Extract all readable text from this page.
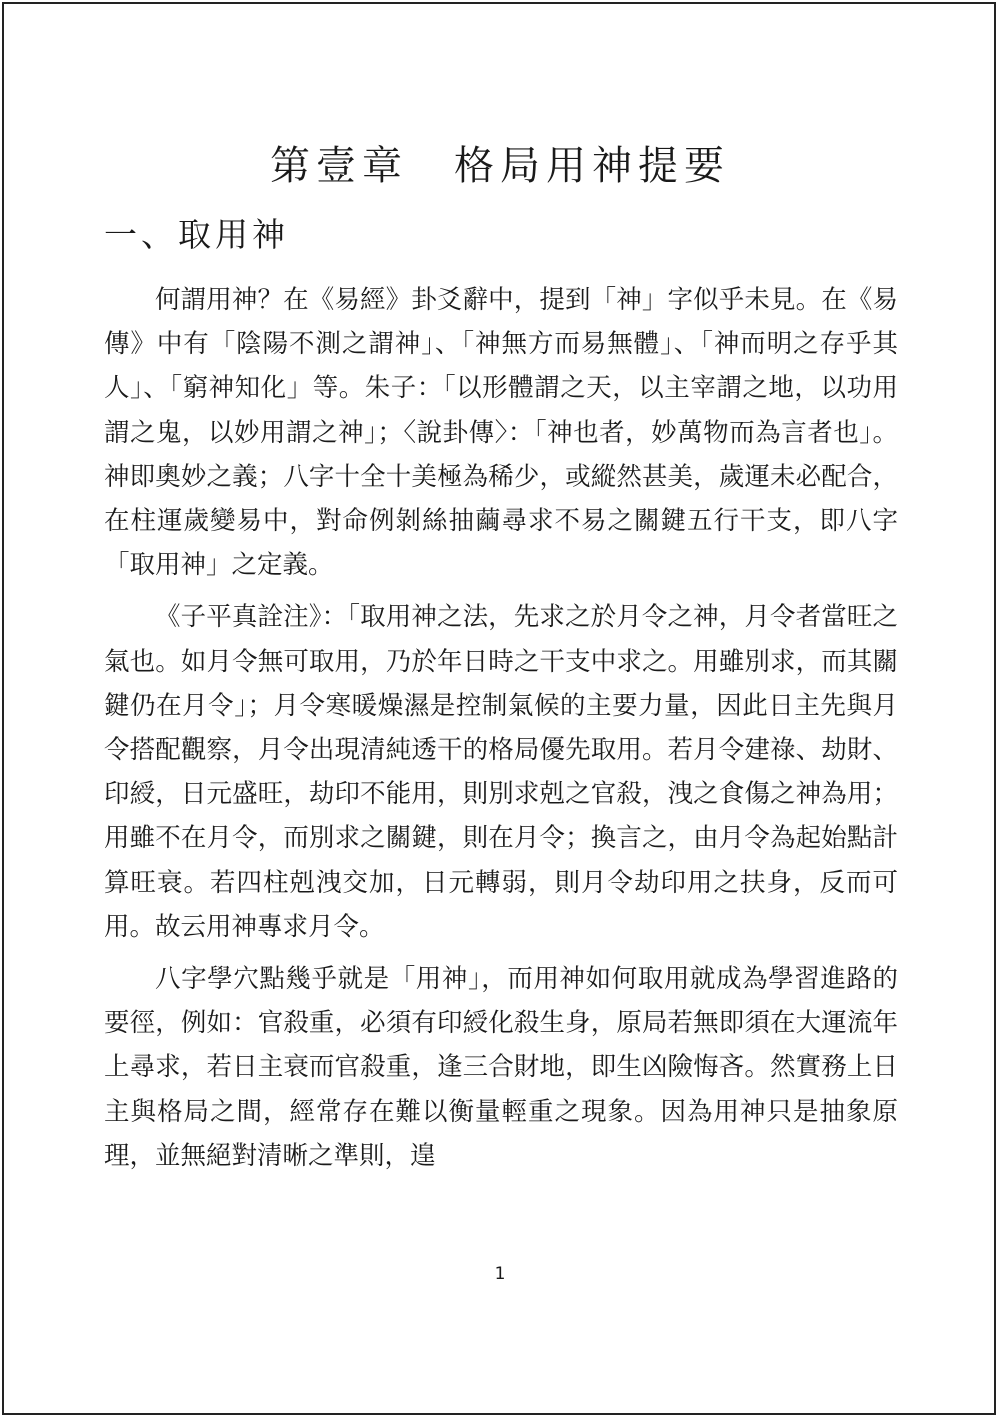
第壹章　格局用神提要
一、取用神

何謂用神？在《易經》卦爻辭中，提到「神」字似乎未見。在《易傳》中有「陰陽不測之謂神」、「神無方而易無體」、「神而明之存乎其人」、「窮神知化」等。朱子：「以形體謂之天，以主宰謂之地，以功用謂之鬼，以妙用謂之神」；〈說卦傳〉：「神也者，妙萬物而為言者也」。神即奧妙之義；八字十全十美極為稀少，或縱然甚美，歲運未必配合，在柱運歲變易中，對命例剝絲抽繭尋求不易之關鍵五行干支，即八字「取用神」之定義。

《子平真詮注》：「取用神之法，先求之於月令之神，月令者當旺之氣也。如月令無可取用，乃於年日時之干支中求之。用雖別求，而其關鍵仍在月令」；月令寒暖燥濕是控制氣候的主要力量，因此日主先與月令搭配觀察，月令出現清純透干的格局優先取用。若月令建祿、劫財、印綬，日元盛旺，劫印不能用，則別求剋之官殺，洩之食傷之神為用；用雖不在月令，而別求之關鍵，則在月令；換言之，由月令為起始點計算旺衰。若四柱剋洩交加，日元轉弱，則月令劫印用之扶身，反而可用。故云用神專求月令。

八字學穴點幾乎就是「用神」，而用神如何取用就成為學習進路的要徑，例如：官殺重，必須有印綬化殺生身，原局若無即須在大運流年上尋求，若日主衰而官殺重，逢三合財地，即生凶險悔吝。然實務上日主與格局之間，經常存在難以衡量輕重之現象。因為用神只是抽象原理，並無絕對清晰之準則，遑

1
